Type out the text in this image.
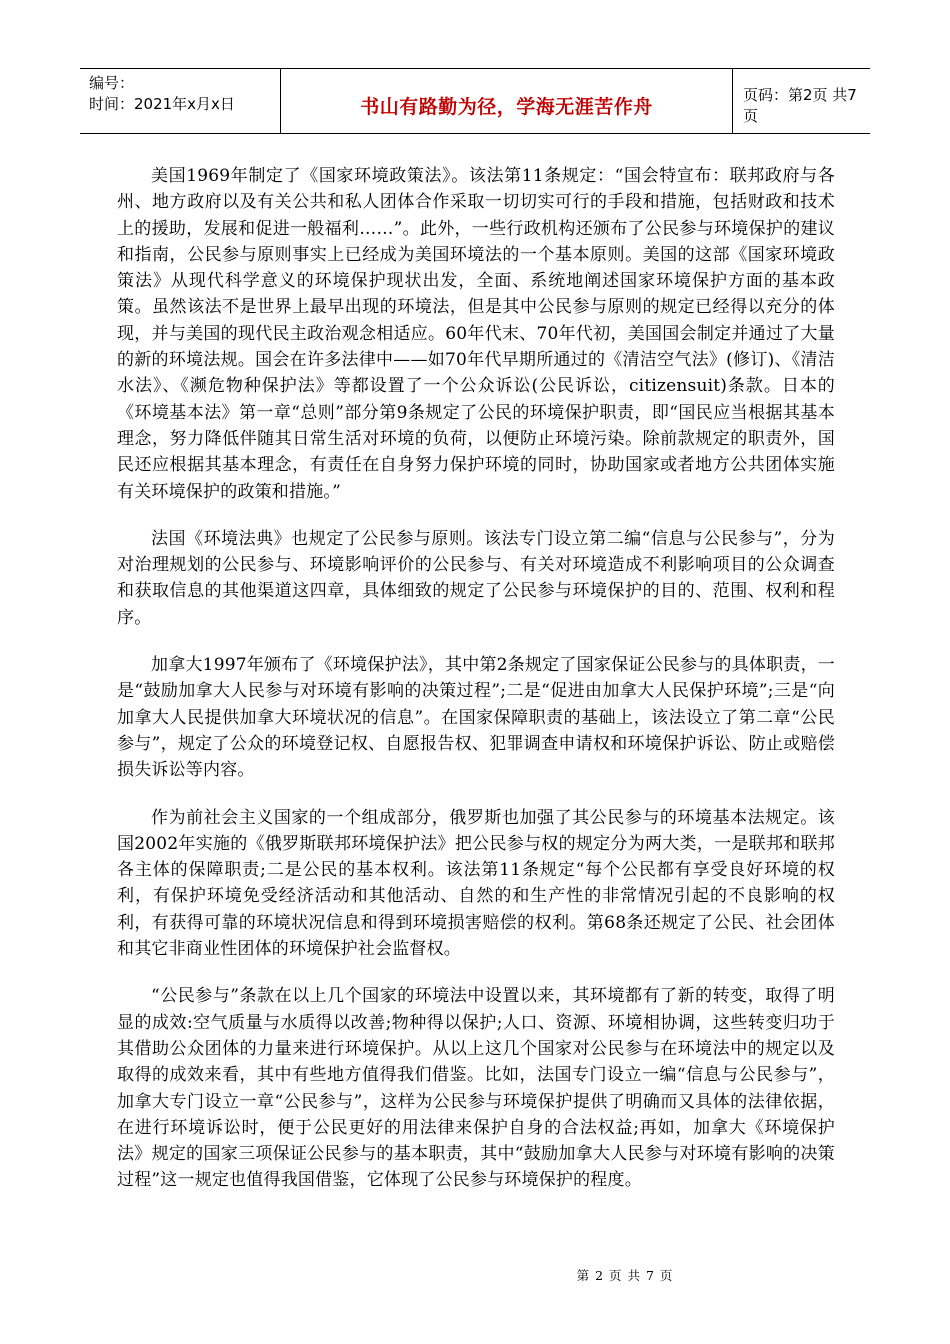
编号：
时间：2021年x月x日	书山有路勤为径，学海无涯苦作舟
页码：第2页 共7页

美国1969年制定了《国家环境政策法》。该法第11条规定：“国会特宣布：联邦政府与各州、地方政府以及有关公共和私人团体合作采取一切切实可行的手段和措施，包括财政和技术上的援助，发展和促进一般福利……”。此外，一些行政机构还颁布了公民参与环境保护的建议和指南，公民参与原则事实上已经成为美国环境法的一个基本原则。美国的这部《国家环境政策法》从现代科学意义的环境保护现状出发，全面、系统地阐述国家环境保护方面的基本政策。虽然该法不是世界上最早出现的环境法，但是其中公民参与原则的规定已经得以充分的体现，并与美国的现代民主政治观念相适应。60年代末、70年代初，美国国会制定并通过了大量的新的环境法规。国会在许多法律中——如70年代早期所通过的《清洁空气法》(修订)、《清洁水法》、《濒危物种保护法》等都设置了一个公众诉讼(公民诉讼，citizensuit)条款。日本的《环境基本法》第一章“总则”部分第9条规定了公民的环境保护职责，即“国民应当根据其基本理念，努力降低伴随其日常生活对环境的负荷，以便防止环境污染。除前款规定的职责外，国民还应根据其基本理念，有责任在自身努力保护环境的同时，协助国家或者地方公共团体实施有关环境保护的政策和措施。”

法国《环境法典》也规定了公民参与原则。该法专门设立第二编“信息与公民参与”，分为对治理规划的公民参与、环境影响评价的公民参与、有关对环境造成不利影响项目的公众调查和获取信息的其他渠道这四章，具体细致的规定了公民参与环境保护的目的、范围、权利和程序。

加拿大1997年颁布了《环境保护法》，其中第2条规定了国家保证公民参与的具体职责，一是“鼓励加拿大人民参与对环境有影响的决策过程”;二是“促进由加拿大人民保护环境”;三是“向加拿大人民提供加拿大环境状况的信息”。在国家保障职责的基础上，该法设立了第二章“公民参与”，规定了公众的环境登记权、自愿报告权、犯罪调查申请权和环境保护诉讼、防止或赔偿损失诉讼等内容。

作为前社会主义国家的一个组成部分，俄罗斯也加强了其公民参与的环境基本法规定。该国2002年实施的《俄罗斯联邦环境保护法》把公民参与权的规定分为两大类，一是联邦和联邦各主体的保障职责;二是公民的基本权利。该法第11条规定“每个公民都有享受良好环境的权利，有保护环境免受经济活动和其他活动、自然的和生产性的非常情况引起的不良影响的权利，有获得可靠的环境状况信息和得到环境损害赔偿的权利。第68条还规定了公民、社会团体和其它非商业性团体的环境保护社会监督权。

“公民参与”条款在以上几个国家的环境法中设置以来，其环境都有了新的转变，取得了明显的成效:空气质量与水质得以改善;物种得以保护;人口、资源、环境相协调，这些转变归功于其借助公众团体的力量来进行环境保护。从以上这几个国家对公民参与在环境法中的规定以及取得的成效来看，其中有些地方值得我们借鉴。比如，法国专门设立一编“信息与公民参与”，加拿大专门设立一章“公民参与”，这样为公民参与环境保护提供了明确而又具体的法律依据，在进行环境诉讼时，便于公民更好的用法律来保护自身的合法权益;再如，加拿大《环境保护法》规定的国家三项保证公民参与的基本职责，其中“鼓励加拿大人民参与对环境有影响的决策过程”这一规定也值得我国借鉴，它体现了公民参与环境保护的程度。

第 2 页 共 7 页
